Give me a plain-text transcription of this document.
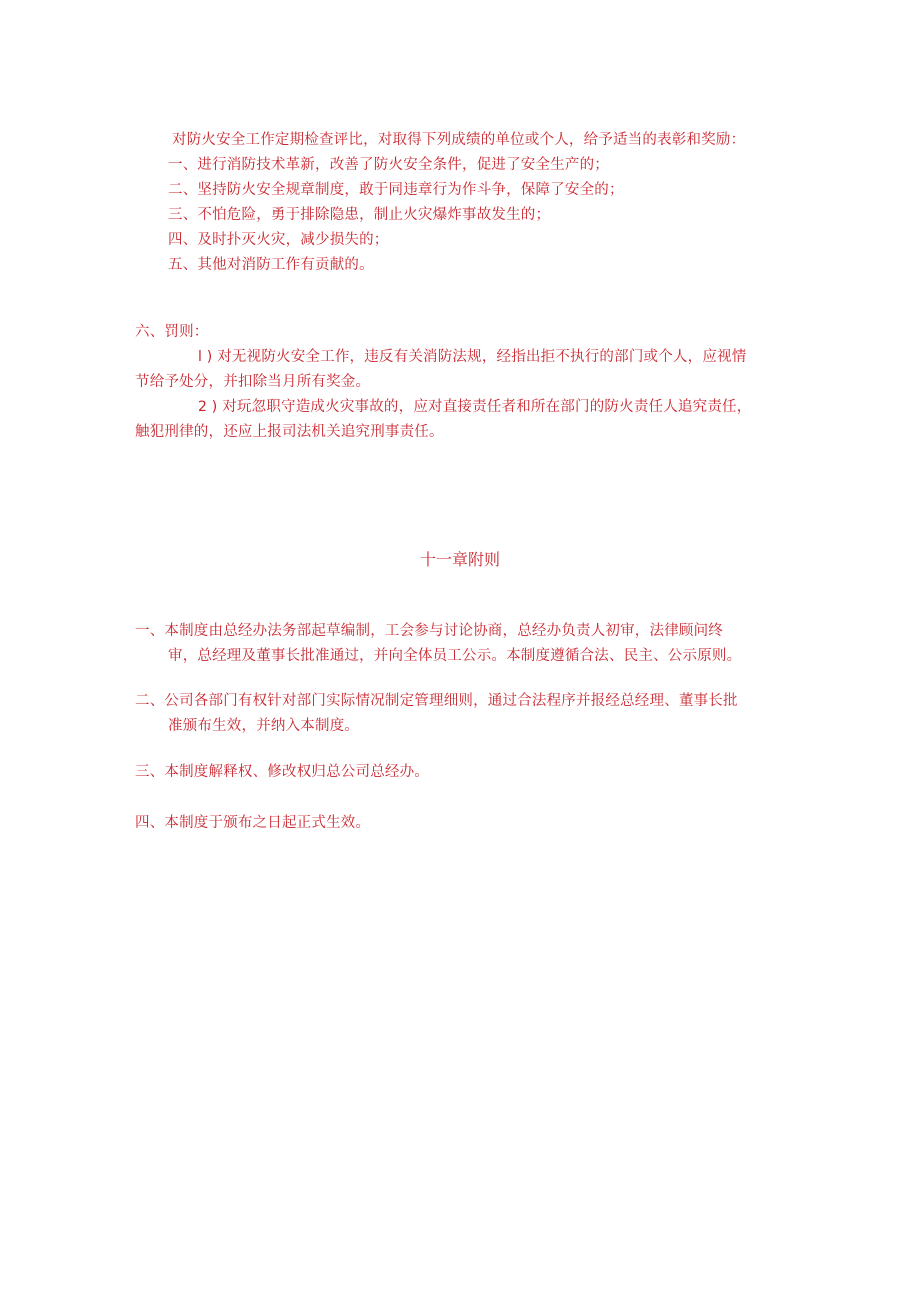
对防火安全工作定期检查评比，对取得下列成绩的单位或个人，给予适当的表彰和奖励：
一、进行消防技术革新，改善了防火安全条件，促进了安全生产的；
二、坚持防火安全规章制度，敢于同违章行为作斗争，保障了安全的；
三、不怕危险，勇于排除隐患，制止火灾爆炸事故发生的；
四、及时扑灭火灾，减少损失的；
五、其他对消防工作有贡献的。
六、罚则：
l ) 对无视防火安全工作，违反有关消防法规，经指出拒不执行的部门或个人，应视情
节给予处分，并扣除当月所有奖金。
2 ) 对玩忽职守造成火灾事故的，应对直接责任者和所在部门的防火责任人追究责任，
触犯刑律的，还应上报司法机关追究刑事责任。
十一章附则
一、本制度由总经办法务部起草编制，工会参与讨论协商，总经办负责人初审，法律顾问终
审，总经理及董事长批准通过，并向全体员工公示。本制度遵循合法、民主、公示原则。
二、公司各部门有权针对部门实际情况制定管理细则，通过合法程序并报经总经理、董事长批
准颁布生效，并纳入本制度。
三、本制度解释权、修改权归总公司总经办。
四、本制度于颁布之日起正式生效。
